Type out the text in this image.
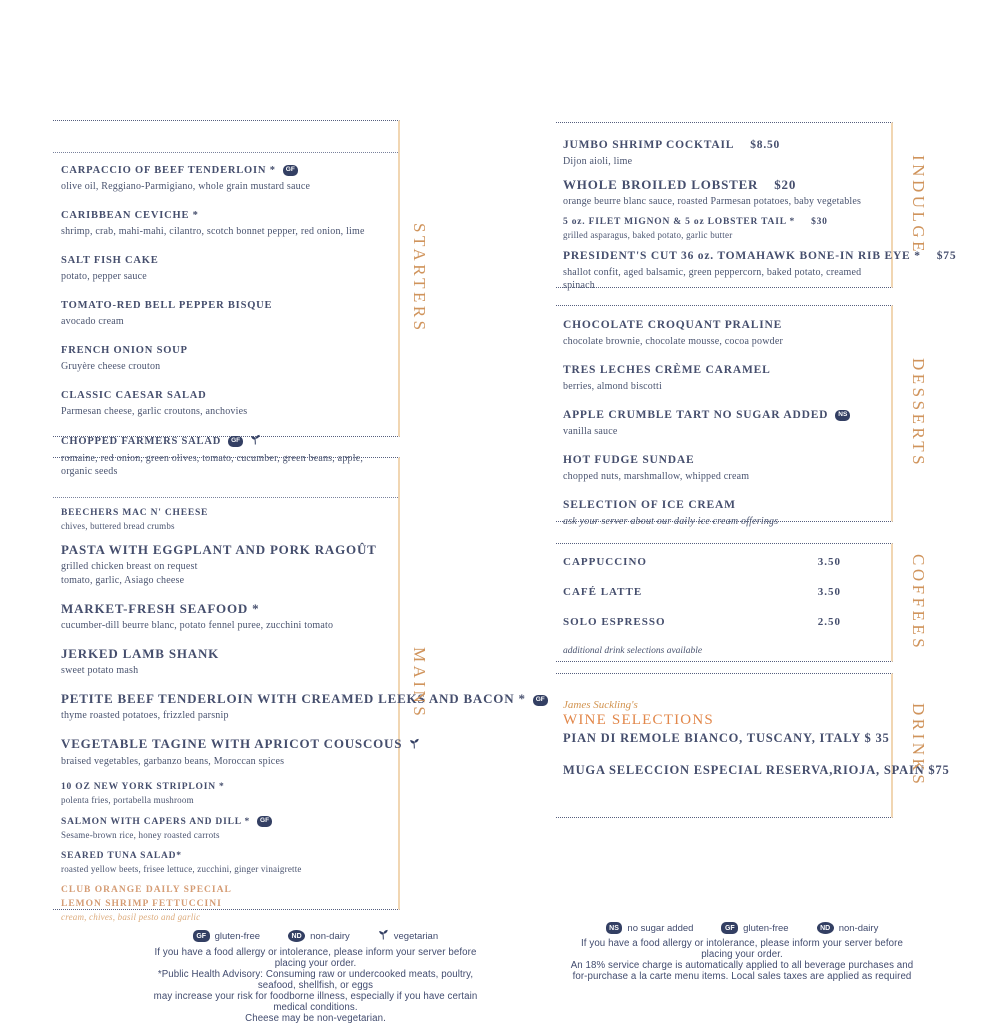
CARPACCIO OF BEEF TENDERLOIN * GF
olive oil, Reggiano-Parmigiano, whole grain mustard sauce
CARIBBEAN CEVICHE *
shrimp, crab, mahi-mahi, cilantro, scotch bonnet pepper, red onion, lime
SALT FISH CAKE
potato, pepper sauce
TOMATO-RED BELL PEPPER BISQUE
avocado cream
FRENCH ONION SOUP
Gruyère cheese crouton
CLASSIC CAESAR SALAD
Parmesan cheese, garlic croutons, anchovies
CHOPPED FARMERS SALAD GF
romaine, red onion, green olives, tomato, cucumber, green beans, apple, organic seeds
BEECHERS MAC N' CHEESE
chives, buttered bread crumbs
PASTA WITH EGGPLANT AND PORK RAGOÛT
grilled chicken breast on request
tomato, garlic, Asiago cheese
MARKET-FRESH SEAFOOD *
cucumber-dill beurre blanc, potato fennel puree, zucchini tomato
JERKED LAMB SHANK
sweet potato mash
PETITE BEEF TENDERLOIN WITH CREAMED LEEKS AND BACON * GF
thyme roasted potatoes, frizzled parsnip
VEGETABLE TAGINE WITH APRICOT COUSCOUS
braised vegetables, garbanzo beans, Moroccan spices
10 OZ NEW YORK STRIPLOIN *
polenta fries, portabella mushroom
SALMON WITH CAPERS AND DILL * GF
Sesame-brown rice, honey roasted carrots
SEARED TUNA SALAD*
roasted yellow beets, frisee lettuce, zucchini, ginger vinaigrette
CLUB ORANGE DAILY SPECIAL
LEMON SHRIMP FETTUCCINI
cream, chives, basil pesto and garlic
STARTERS
MAINS
JUMBO SHRIMP COCKTAIL $8.50
Dijon aioli, lime
WHOLE BROILED LOBSTER $20
orange beurre blanc sauce, roasted Parmesan potatoes, baby vegetables
5 oz. FILET MIGNON & 5 oz LOBSTER TAIL * $30
grilled asparagus, baked potato, garlic butter
PRESIDENT'S CUT 36 oz. TOMAHAWK BONE-IN RIB EYE * $75
shallot confit, aged balsamic, green peppercorn, baked potato, creamed spinach
CHOCOLATE CROQUANT PRALINE
chocolate brownie, chocolate mousse, cocoa powder
TRES LECHES CRÈME CARAMEL
berries, almond biscotti
APPLE CRUMBLE TART NO SUGAR ADDED NS
vanilla sauce
HOT FUDGE SUNDAE
chopped nuts, marshmallow, whipped cream
SELECTION OF ICE CREAM
ask your server about our daily ice cream offerings
CAPPUCCINO	3.50
CAFÉ LATTE	3.50
SOLO ESPRESSO	2.50
additional drink selections available
James Suckling's
WINE SELECTIONS
PIAN DI REMOLE BIANCO, TUSCANY, ITALY $ 35
MUGA SELECCION ESPECIAL RESERVA,RIOJA, SPAIN $75
INDULGE
DESSERTS
COFFEES
DRINKS
GF gluten-free	ND non-dairy	vegetarian
If you have a food allergy or intolerance, please inform your server before placing your order.
*Public Health Advisory: Consuming raw or undercooked meats, poultry, seafood, shellfish, or eggs
may increase your risk for foodborne illness, especially if you have certain medical conditions.
Cheese may be non-vegetarian.
NS no sugar added	GF gluten-free	ND non-dairy
If you have a food allergy or intolerance, please inform your server before placing your order.
An 18% service charge is automatically applied to all beverage purchases and
for-purchase a la carte menu items. Local sales taxes are applied as required
